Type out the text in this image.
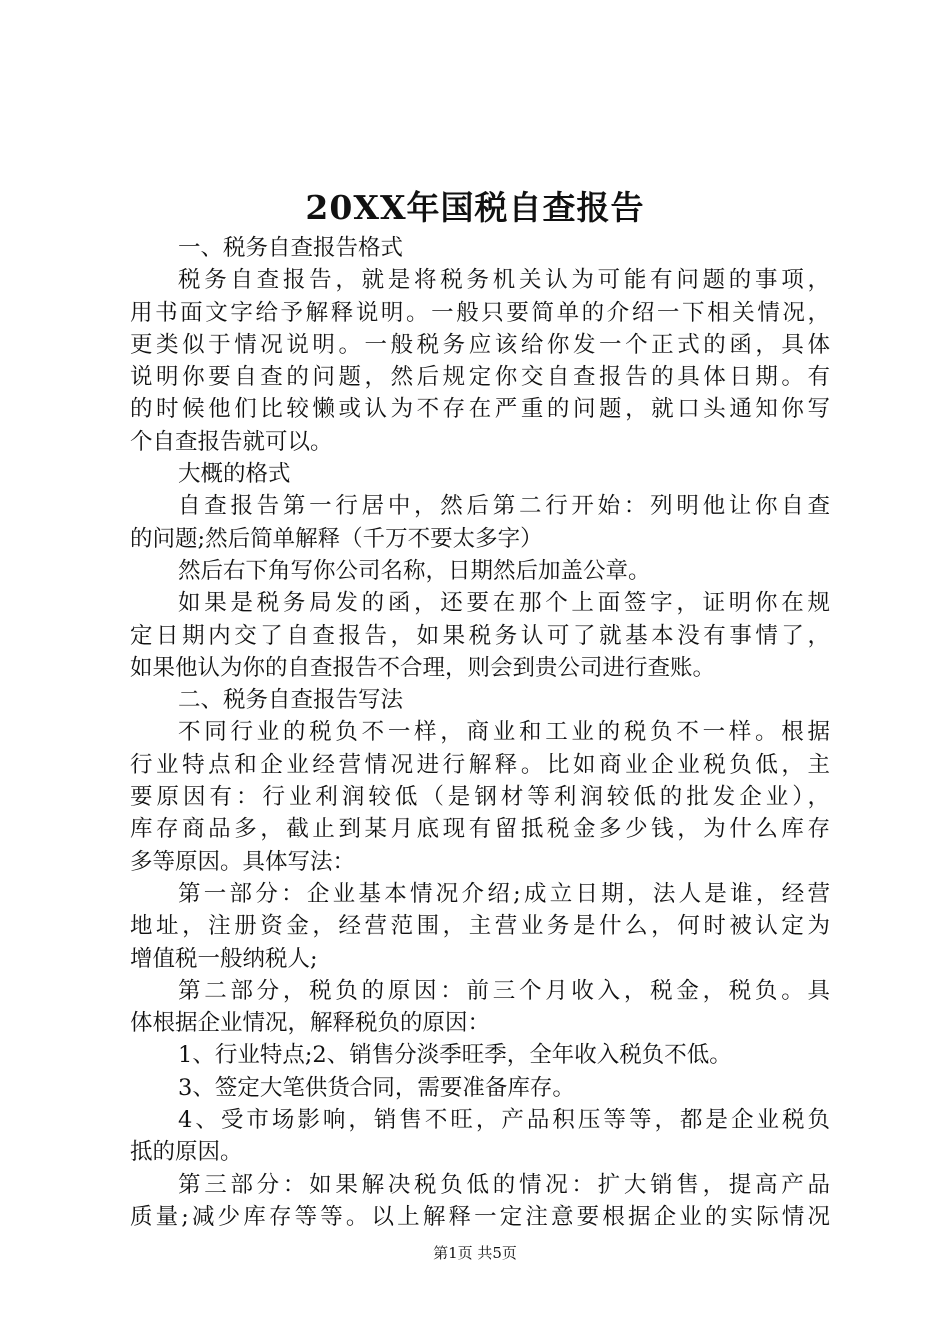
20XX年国税自查报告
一、税务自查报告格式
税务自查报告，就是将税务机关认为可能有问题的事项，
用书面文字给予解释说明。一般只要简单的介绍一下相关情况，
更类似于情况说明。一般税务应该给你发一个正式的函，具体
说明你要自查的问题，然后规定你交自查报告的具体日期。有
的时候他们比较懒或认为不存在严重的问题，就口头通知你写
个自查报告就可以。
大概的格式
自查报告第一行居中，然后第二行开始：列明他让你自查
的问题;然后简单解释（千万不要太多字）
然后右下角写你公司名称，日期然后加盖公章。
如果是税务局发的函，还要在那个上面签字，证明你在规
定日期内交了自查报告，如果税务认可了就基本没有事情了，
如果他认为你的自查报告不合理，则会到贵公司进行查账。
二、税务自查报告写法
不同行业的税负不一样，商业和工业的税负不一样。根据
行业特点和企业经营情况进行解释。比如商业企业税负低，主
要原因有：行业利润较低（是钢材等利润较低的批发企业），
库存商品多，截止到某月底现有留抵税金多少钱，为什么库存
多等原因。具体写法：
第一部分：企业基本情况介绍;成立日期，法人是谁，经营
地址，注册资金，经营范围，主营业务是什么，何时被认定为
增值税一般纳税人;
第二部分，税负的原因：前三个月收入，税金，税负。具
体根据企业情况，解释税负的原因：
1、行业特点;2、销售分淡季旺季，全年收入税负不低。
3、签定大笔供货合同，需要准备库存。
4、受市场影响，销售不旺，产品积压等等，都是企业税负
抵的原因。
第三部分：如果解决税负低的情况：扩大销售，提高产品
质量;减少库存等等。以上解释一定注意要根据企业的实际情况
第1页 共5页
